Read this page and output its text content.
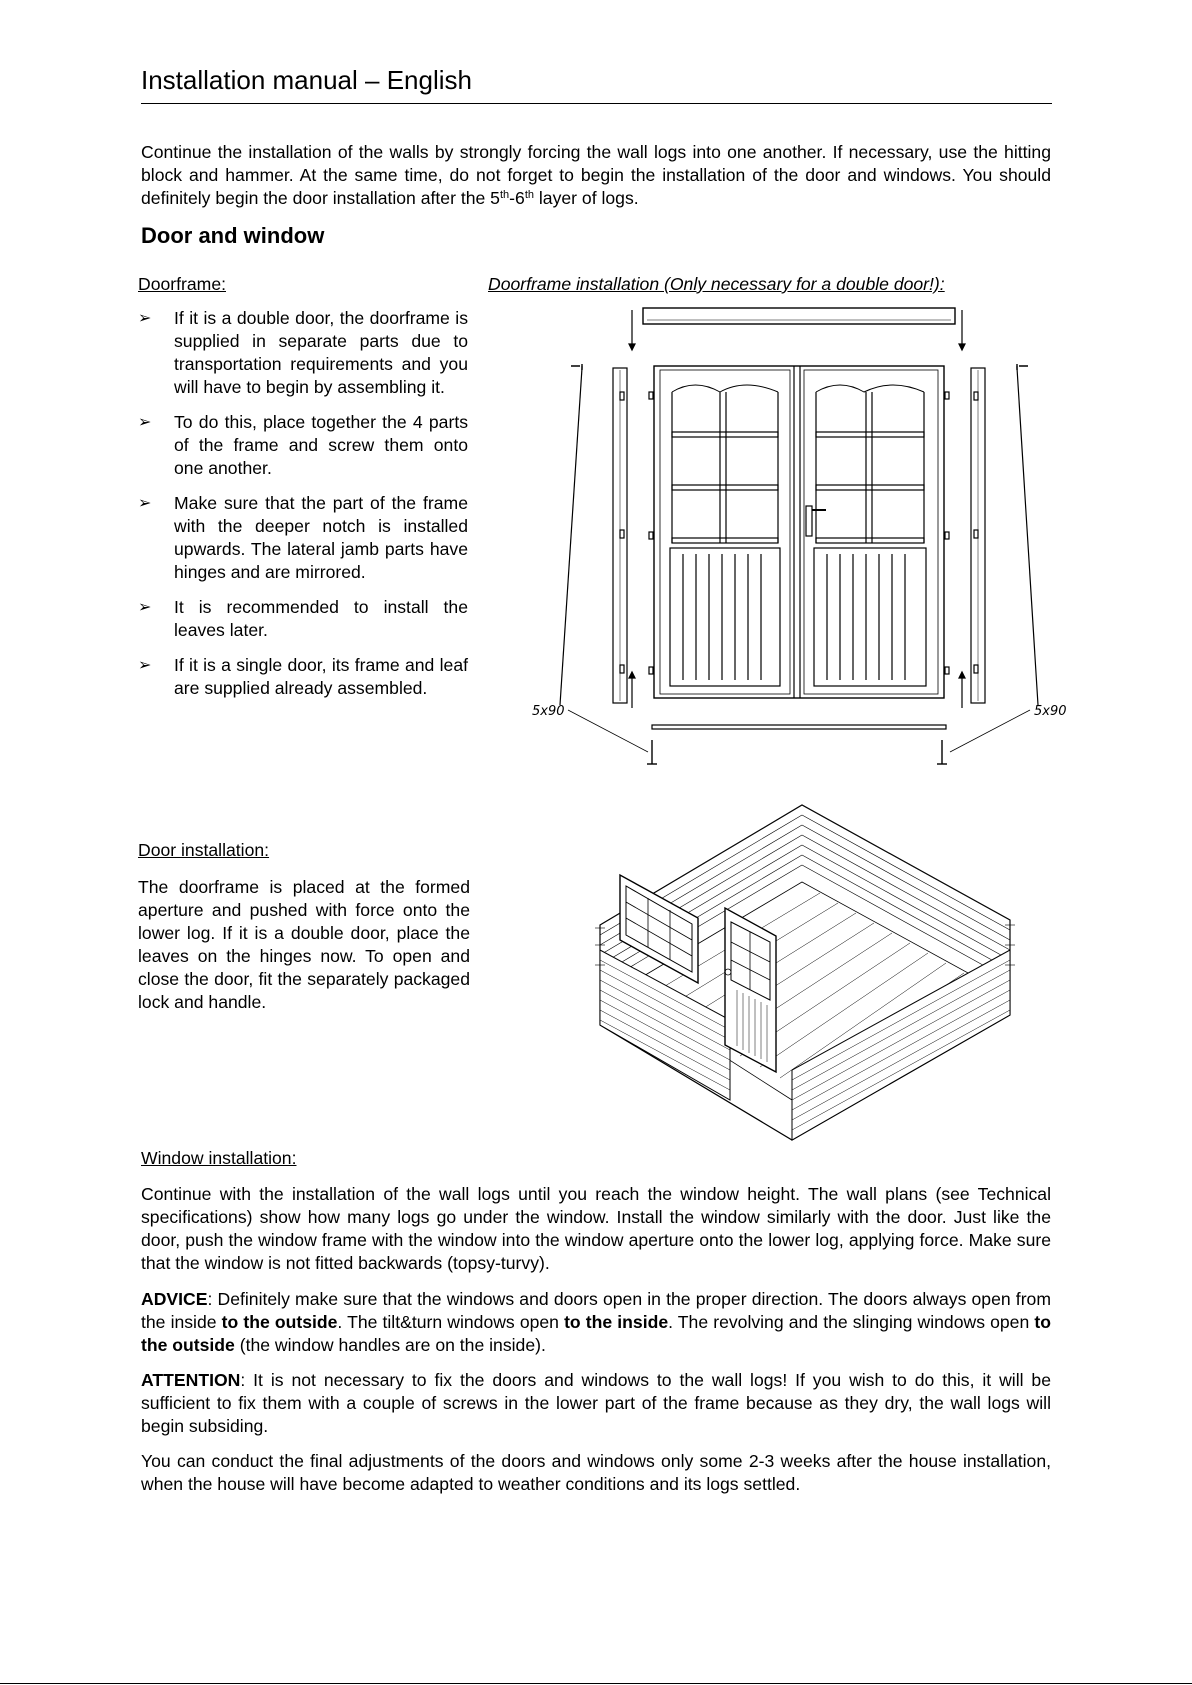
Installation manual – English

Continue the installation of the walls by strongly forcing the wall logs into one another. If necessary, use the hitting block and hammer. At the same time, do not forget to begin the installation of the door and windows. You should definitely begin the door installation after the 5th-6th layer of logs.

Door and window
Doorframe:	Doorframe installation (Only necessary for a double door!):
➢ If it is a double door, the doorframe is supplied in separate parts due to transportation requirements and you will have to begin by assembling it.
➢ To do this, place together the 4 parts of the frame and screw them onto one another.
➢ Make sure that the part of the frame with the deeper notch is installed upwards. The lateral jamb parts have hinges and are mirrored.
➢ It is recommended to install the leaves later.
➢ If it is a single door, its frame and leaf are supplied already assembled.
5x90	5x90
Door installation:

The doorframe is placed at the formed aperture and pushed with force onto the lower log. If it is a double door, place the leaves on the hinges now. To open and close the door, fit the separately packaged lock and handle.

Window installation:

Continue with the installation of the wall logs until you reach the window height. The wall plans (see Technical specifications) show how many logs go under the window. Install the window similarly with the door. Just like the door, push the window frame with the window into the window aperture onto the lower log, applying force. Make sure that the window is not fitted backwards (topsy-turvy).

ADVICE: Definitely make sure that the windows and doors open in the proper direction. The doors always open from the inside to the outside. The tilt&turn windows open to the inside. The revolving and the slinging windows open to the outside (the window handles are on the inside).

ATTENTION: It is not necessary to fix the doors and windows to the wall logs! If you wish to do this, it will be sufficient to fix them with a couple of screws in the lower part of the frame because as they dry, the wall logs will begin subsiding.

You can conduct the final adjustments of the doors and windows only some 2-3 weeks after the house installation, when the house will have become adapted to weather conditions and its logs settled.
